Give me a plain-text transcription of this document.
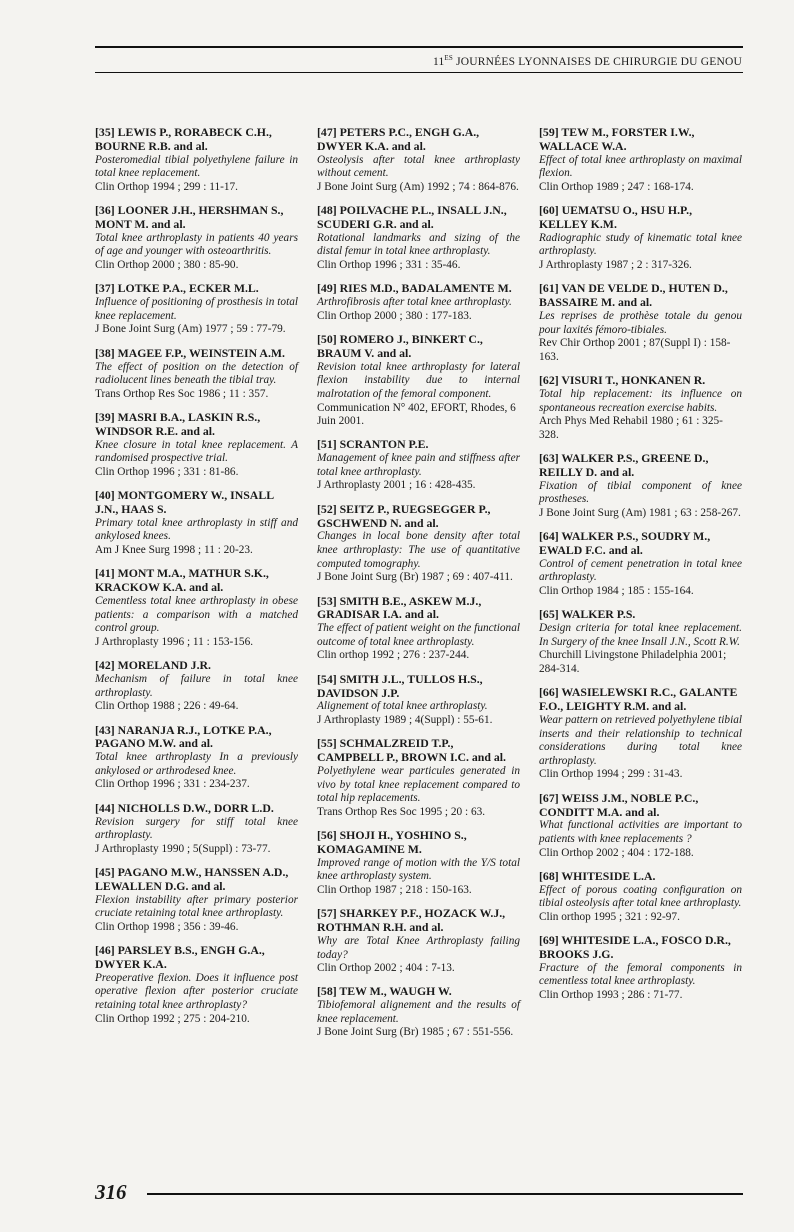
$11^{ES}$ JOURNÉES LYONNAISES DE CHIRURGIE DU GENOU
[35] LEWIS P., RORABECK C.H., BOURNE R.B. and al.
Posteromedial tibial polyethylene failure in total knee replacement.
Clin Orthop 1994 ; 299 : 11-17.
[36] LOONER J.H., HERSHMAN S., MONT M. and al.
Total knee arthroplasty in patients 40 years of age and younger with osteoarthritis.
Clin Orthop 2000 ; 380 : 85-90.
[37] LOTKE P.A., ECKER M.L.
Influence of positioning of prosthesis in total knee replacement.
J Bone Joint Surg (Am) 1977 ; 59 : 77-79.
[38] MAGEE F.P., WEINSTEIN A.M.
The effect of position on the detection of radiolucent lines beneath the tibial tray.
Trans Orthop Res Soc 1986 ; 11 : 357.
[39] MASRI B.A., LASKIN R.S., WINDSOR R.E. and al.
Knee closure in total knee replacement. A randomised prospective trial.
Clin Orthop 1996 ; 331 : 81-86.
[40] MONTGOMERY W., INSALL J.N., HAAS S.
Primary total knee arthroplasty in stiff and ankylosed knees.
Am J Knee Surg 1998 ; 11 : 20-23.
[41] MONT M.A., MATHUR S.K., KRACKOW K.A. and al.
Cementless total knee arthroplasty in obese patients: a comparison with a matched control group.
J Arthroplasty 1996 ; 11 : 153-156.
[42] MORELAND J.R.
Mechanism of failure in total knee arthroplasty.
Clin Orthop 1988 ; 226 : 49-64.
[43] NARANJA R.J., LOTKE P.A., PAGANO M.W. and al.
Total knee arthroplasty In a previously ankylosed or arthrodesed knee.
Clin Orthop 1996 ; 331 : 234-237.
[44] NICHOLLS D.W., DORR L.D.
Revision surgery for stiff total knee arthroplasty.
J Arthroplasty 1990 ; 5(Suppl) : 73-77.
[45] PAGANO M.W., HANSSEN A.D., LEWALLEN D.G. and al.
Flexion instability after primary posterior cruciate retaining total knee arthroplasty.
Clin Orthop 1998 ; 356 : 39-46.
[46] PARSLEY B.S., ENGH G.A., DWYER K.A.
Preoperative flexion. Does it influence post operative flexion after posterior cruciate retaining total knee arthroplasty?
Clin Orthop 1992 ; 275 : 204-210.
[47] PETERS P.C., ENGH G.A., DWYER K.A. and al.
Osteolysis after total knee arthroplasty without cement.
J Bone Joint Surg (Am) 1992 ; 74 : 864-876.
[48] POILVACHE P.L., INSALL J.N., SCUDERI G.R. and al.
Rotational landmarks and sizing of the distal femur in total knee arthroplasty.
Clin Orthop 1996 ; 331 : 35-46.
[49] RIES M.D., BADALAMENTE M.
Arthrofibrosis after total knee arthroplasty.
Clin Orthop 2000 ; 380 : 177-183.
[50] ROMERO J., BINKERT C., BRAUM V. and al.
Revision total knee arthroplasty for lateral flexion instability due to internal malrotation of the femoral component.
Communication N° 402, EFORT, Rhodes, 6 Juin 2001.
[51] SCRANTON P.E.
Management of knee pain and stiffness after total knee arthroplasty.
J Arthroplasty 2001 ; 16 : 428-435.
[52] SEITZ P., RUEGSEGGER P., GSCHWEND N. and al.
Changes in local bone density after total knee arthroplasty: The use of quantitative computed tomography.
J Bone Joint Surg (Br) 1987 ; 69 : 407-411.
[53] SMITH B.E., ASKEW M.J., GRADISAR I.A. and al.
The effect of patient weight on the functional outcome of total knee arthroplasty.
Clin orthop 1992 ; 276 : 237-244.
[54] SMITH J.L., TULLOS H.S., DAVIDSON J.P.
Alignement of total knee arthroplasty.
J Arthroplasty 1989 ; 4(Suppl) : 55-61.
[55] SCHMALZREID T.P., CAMPBELL P., BROWN I.C. and al.
Polyethylene wear particules generated in vivo by total knee replacement compared to total hip replacements.
Trans Orthop Res Soc 1995 ; 20 : 63.
[56] SHOJI H., YOSHINO S., KOMAGAMINE M.
Improved range of motion with the Y/S total knee arthroplasty system.
Clin Orthop 1987 ; 218 : 150-163.
[57] SHARKEY P.F., HOZACK W.J., ROTHMAN R.H. and al.
Why are Total Knee Arthroplasty failing today?
Clin Orthop 2002 ; 404 : 7-13.
[58] TEW M., WAUGH W.
Tibiofemoral alignement and the results of knee replacement.
J Bone Joint Surg (Br) 1985 ; 67 : 551-556.
[59] TEW M., FORSTER I.W., WALLACE W.A.
Effect of total knee arthroplasty on maximal flexion.
Clin Orthop 1989 ; 247 : 168-174.
[60] UEMATSU O., HSU H.P., KELLEY K.M.
Radiographic study of kinematic total knee arthroplasty.
J Arthroplasty 1987 ; 2 : 317-326.
[61] VAN DE VELDE D., HUTEN D., BASSAIRE M. and al.
Les reprises de prothèse totale du genou pour laxités fémoro-tibiales.
Rev Chir Orthop 2001 ; 87(Suppl I) : 158-163.
[62] VISURI T., HONKANEN R.
Total hip replacement: its influence on spontaneous recreation exercise habits.
Arch Phys Med Rehabil 1980 ; 61 : 325-328.
[63] WALKER P.S., GREENE D., REILLY D. and al.
Fixation of tibial component of knee prostheses.
J Bone Joint Surg (Am) 1981 ; 63 : 258-267.
[64] WALKER P.S., SOUDRY M., EWALD F.C. and al.
Control of cement penetration in total knee arthroplasty.
Clin Orthop 1984 ; 185 : 155-164.
[65] WALKER P.S.
Design criteria for total knee replacement. In Surgery of the knee Insall J.N., Scott R.W.
Churchill Livingstone Philadelphia 2001; 284-314.
[66] WASIELEWSKI R.C., GALANTE F.O., LEIGHTY R.M. and al.
Wear pattern on retrieved polyethylene tibial inserts and their relationship to technical considerations during total knee arthroplasty.
Clin Orthop 1994 ; 299 : 31-43.
[67] WEISS J.M., NOBLE P.C., CONDITT M.A. and al.
What functional activities are important to patients with knee replacements ?
Clin Orthop 2002 ; 404 : 172-188.
[68] WHITESIDE L.A.
Effect of porous coating configuration on tibial osteolysis after total knee arthroplasty.
Clin orthop 1995 ; 321 : 92-97.
[69] WHITESIDE L.A., FOSCO D.R., BROOKS J.G.
Fracture of the femoral components in cementless total knee arthroplasty.
Clin Orthop 1993 ; 286 : 71-77.
316
